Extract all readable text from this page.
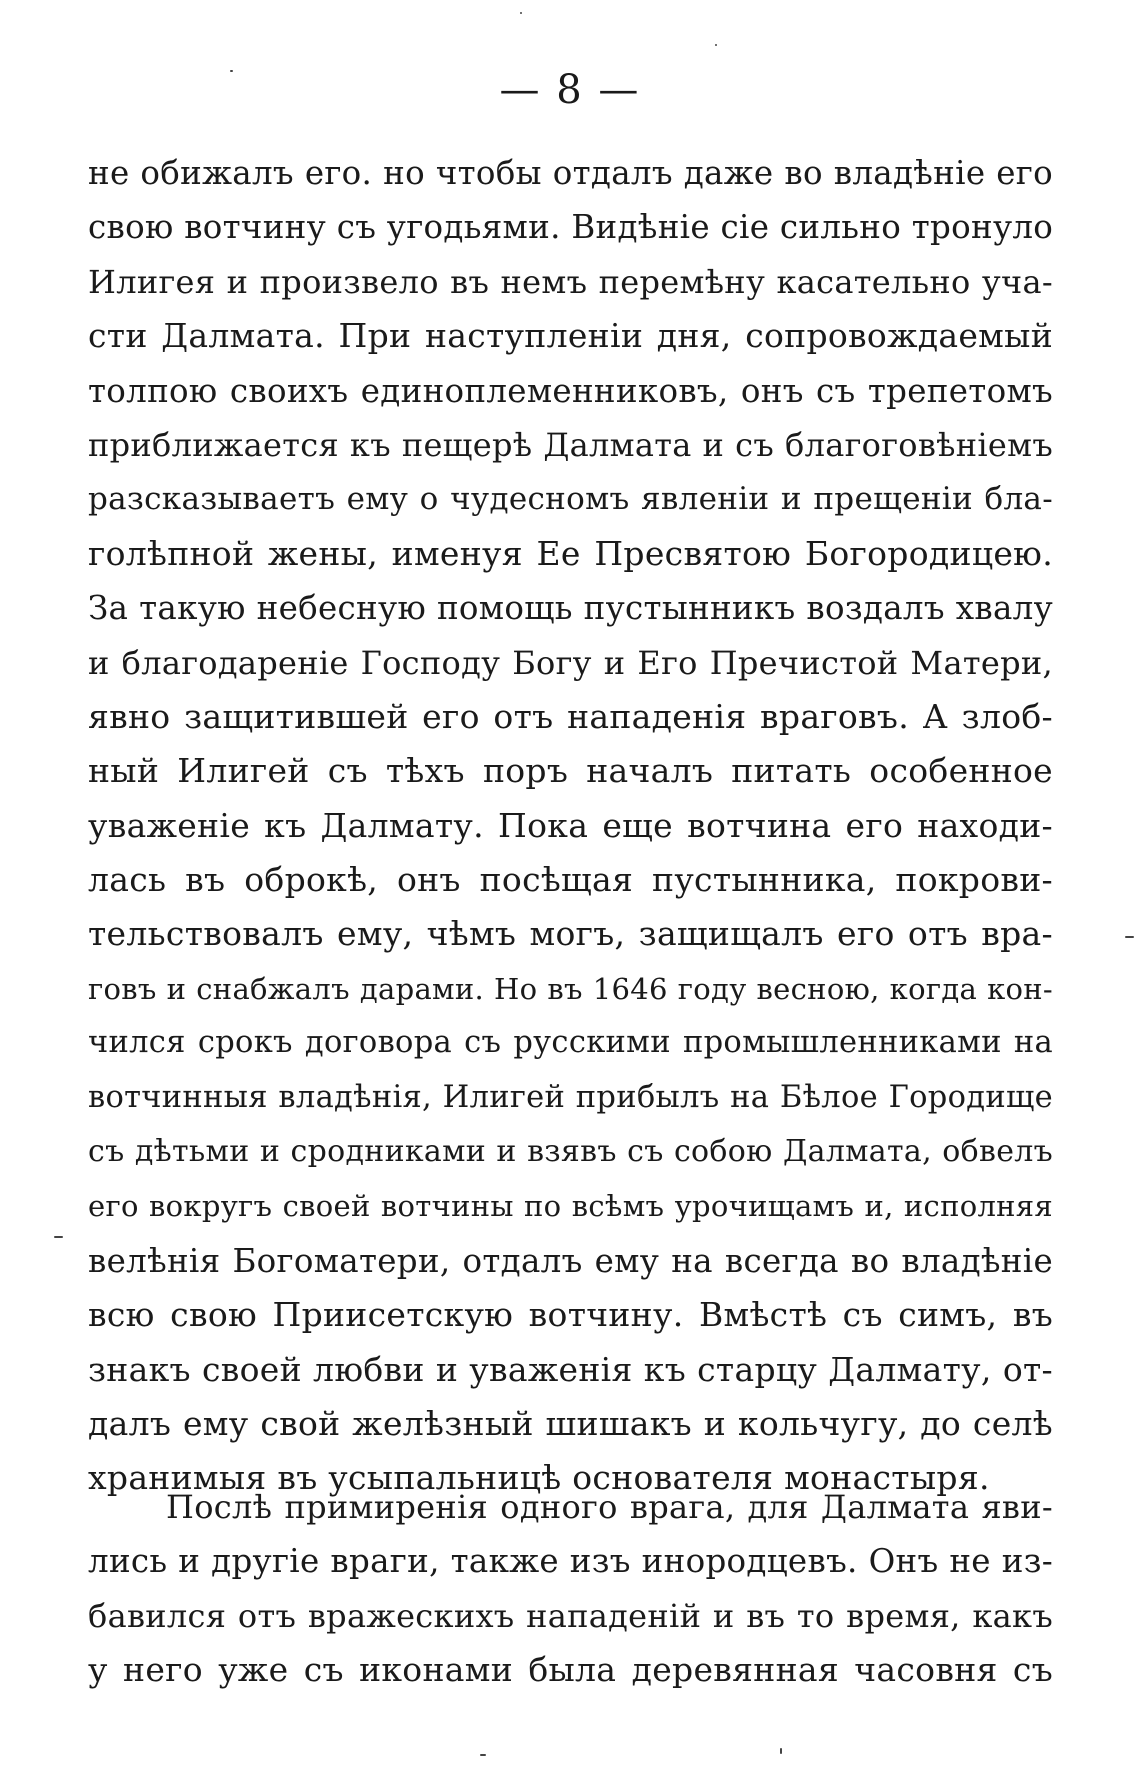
— 8 —
не обижалъ его. но чтобы отдалъ даже во владѣніе его
свою вотчину съ угодьями. Видѣніе сіе сильно тронуло
Илигея и произвело въ немъ перемѣну касательно уча-
сти Далмата. При наступленіи дня, сопровождаемый
толпою своихъ единоплеменниковъ, онъ съ трепетомъ
приближается къ пещерѣ Далмата и съ благоговѣніемъ
разсказываетъ ему о чудесномъ явленіи и прещеніи бла-
голѣпной жены, именуя Ее Пресвятою Богородицею.
За такую небесную помощь пустынникъ воздалъ хвалу
и благодареніе Господу Богу и Его Пречистой Матери,
явно защитившей его отъ нападенія враговъ. А злоб-
ный Илигей съ тѣхъ поръ началъ питать особенное
уваженіе къ Далмату. Пока еще вотчина его находи-
лась въ оброкѣ, онъ посѣщая пустынника, покрови-
тельствовалъ ему, чѣмъ могъ, защищалъ его отъ вра-
говъ и снабжалъ дарами. Но въ 1646 году весною, когда кон-
чился срокъ договора съ русскими промышленниками на
вотчинныя владѣнія, Илигей прибылъ на Бѣлое Городище
съ дѣтьми и сродниками и взявъ съ собою Далмата, обвелъ
его вокругъ своей вотчины по всѣмъ урочищамъ и, исполняя
велѣнія Богоматери, отдалъ ему на всегда во владѣніе
всю свою Приисетскую вотчину. Вмѣстѣ съ симъ, въ
знакъ своей любви и уваженія къ старцу Далмату, от-
далъ ему свой желѣзный шишакъ и кольчугу, до селѣ
хранимыя въ усыпальницѣ основателя монастыря.
Послѣ примиренія одного врага, для Далмата яви-
лись и другіе враги, также изъ инородцевъ. Онъ не из-
бавился отъ вражескихъ нападеній и въ то время, какъ
у него уже съ иконами была деревянная часовня съ
